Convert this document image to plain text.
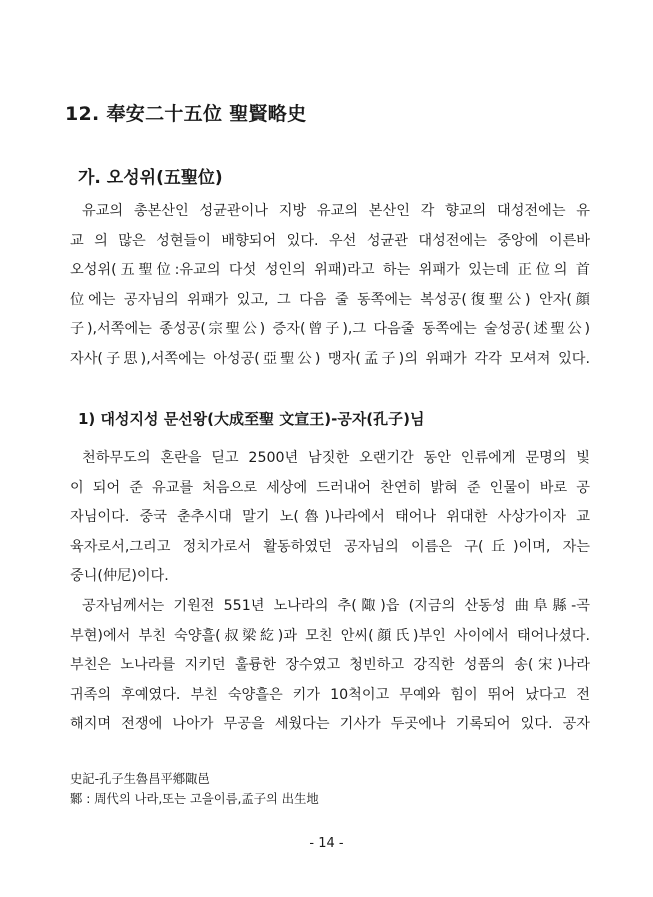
12. 奉安二十五位 聖賢略史
가. 오성위(五聖位)

유교의 총본산인 성균관이나 지방 유교의 본산인 각 향교의 대성전에는 유
교 의 많은 성현들이 배향되어 있다. 우선 성균관 대성전에는 중앙에 이른바
오성위(五聖位:유교의 다섯 성인의 위패)라고 하는 위패가 있는데 正位의 首
位에는 공자님의 위패가 있고, 그 다음 줄 동쪽에는 복성공(復聖公) 안자(顔
子),서쪽에는 종성공(宗聖公) 증자(曾子),그 다음줄 동쪽에는 술성공(述聖公)
자사(子思),서쪽에는 아성공(亞聖公) 맹자(孟子)의 위패가 각각 모셔져 있다.

1) 대성지성 문선왕(大成至聖 文宣王)-공자(孔子)님

천하무도의 혼란을 딛고 2500년 남짓한 오랜기간 동안 인류에게 문명의 빛
이 되어 준 유교를 처음으로 세상에 드러내어 찬연히 밝혀 준 인물이 바로 공
자님이다. 중국 춘추시대 말기 노(魯)나라에서 태어나 위대한 사상가이자 교
육자로서,그리고 정치가로서 활동하였던 공자님의 이름은 구(丘)이며, 자는
중니(仲尼)이다.

공자님께서는 기원전 551년 노나라의 추(陬)읍 (지금의 산동성 曲阜縣-곡
부현)에서 부친 숙양흘(叔梁紇)과 모친 안씨(顔氏)부인 사이에서 태어나셨다.
부친은 노나라를 지키던 훌륭한 장수였고 청빈하고 강직한 성품의 송(宋)나라
귀족의 후예였다. 부친 숙양흘은 키가 10척이고 무예와 힘이 뛰어 났다고 전
해지며 전쟁에 나아가 무공을 세웠다는 기사가 두곳에나 기록되어 있다. 공자

史記-孔子生魯昌平鄕陬邑
鄹 : 周代의 나라,또는 고을이름,孟子의 出生地

- 14 -
